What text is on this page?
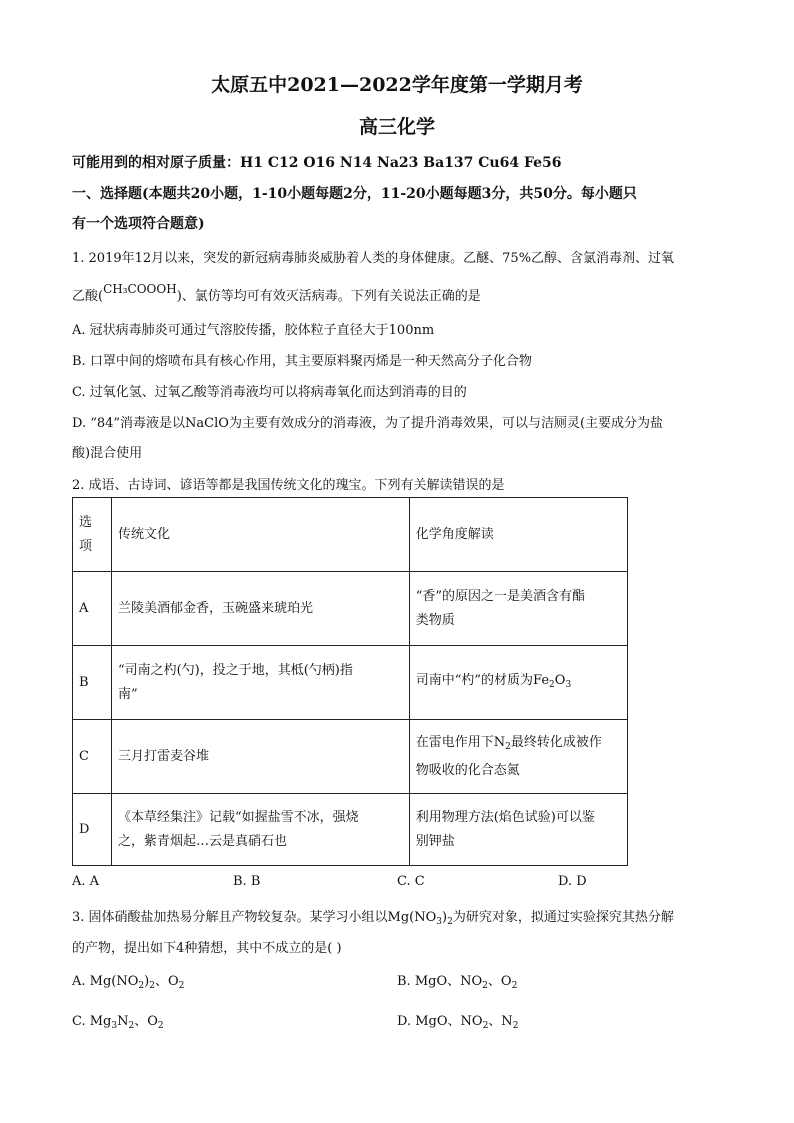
太原五中2021—2022学年度第一学期月考
高三化学
可能用到的相对原子质量：H1 C12 O16 N14 Na23 Ba137 Cu64 Fe56
一、选择题(本题共20小题，1-10小题每题2分，11-20小题每题3分，共50分。每小题只
有一个选项符合题意)
1. 2019年12月以来，突发的新冠病毒肺炎威胁着人类的身体健康。乙醚、75%乙醇、含氯消毒剂、过氧
乙酸(CH₃COOOH)、氯仿等均可有效灭活病毒。下列有关说法正确的是
A. 冠状病毒肺炎可通过气溶胶传播，胶体粒子直径大于100nm
B. 口罩中间的熔喷布具有核心作用，其主要原料聚丙烯是一种天然高分子化合物
C. 过氧化氢、过氧乙酸等消毒液均可以将病毒氧化而达到消毒的目的
D. “84”消毒液是以NaClO为主要有效成分的消毒液，为了提升消毒效果，可以与洁厕灵(主要成分为盐
酸)混合使用
2. 成语、古诗词、谚语等都是我国传统文化的瑰宝。下列有关解读错误的是
选
项	传统文化	化学角度解读
A	兰陵美酒郁金香，玉碗盛来琥珀光	“香”的原因之一是美酒含有酯
类物质
B	“司南之杓(勺)，投之于地，其柢(勺柄)指
南”	司南中“杓”的材质为$Fe_2O_3$
C	三月打雷麦谷堆	在雷电作用下$N_2$最终转化成被作
物吸收的化合态氮
D	《本草经集注》记载“如握盐雪不冰，强烧
之，紫青烟起…云是真硝石也	利用物理方法(焰色试验)可以鉴
别钾盐
A. A	B. B	C. C	D. D
3. 固体硝酸盐加热易分解且产物较复杂。某学习小组以$Mg(NO_3)_2$为研究对象，拟通过实验探究其热分解
的产物，提出如下4种猜想，其中不成立的是( )
A. $Mg(NO_2)_2$、$O_2$	B. MgO、$NO_2$、$O_2$
C. $Mg_3N_2$、$O_2$	D. MgO、$NO_2$、$N_2$
